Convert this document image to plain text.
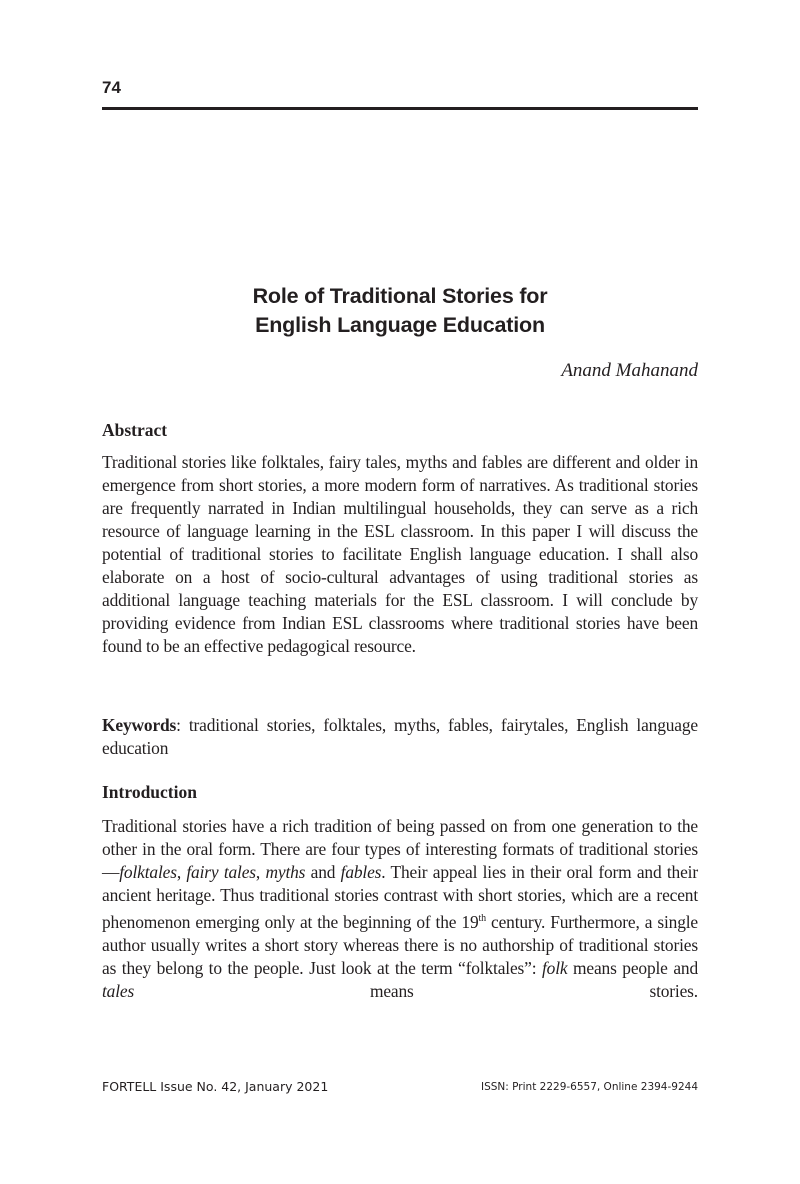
74
Role of Traditional Stories for
English Language Education
Anand Mahanand
Abstract

Traditional stories like folktales, fairy tales, myths and fables are different and older in emergence from short stories, a more modern form of narratives. As traditional stories are frequently narrated in Indian multilingual households, they can serve as a rich resource of language learning in the ESL classroom. In this paper I will discuss the potential of traditional stories to facilitate English language education. I shall also elaborate on a host of socio-cultural advantages of using traditional stories as additional language teaching materials for the ESL classroom. I will conclude by providing evidence from Indian ESL classrooms where traditional stories have been found to be an effective pedagogical resource.

Keywords: traditional stories, folktales, myths, fables, fairytales, English language education

Introduction

Traditional stories have a rich tradition of being passed on from one generation to the other in the oral form. There are four types of interesting formats of traditional stories—folktales, fairy tales, myths and fables. Their appeal lies in their oral form and their ancient heritage. Thus traditional stories contrast with short stories, which are a recent phenomenon emerging only at the beginning of the 19th century. Furthermore, a single author usually writes a short story whereas there is no authorship of traditional stories as they belong to the people. Just look at the term “folktales”: folk means people and tales means stories.

FORTELL Issue No. 42, January 2021	ISSN: Print 2229-6557, Online 2394-9244
